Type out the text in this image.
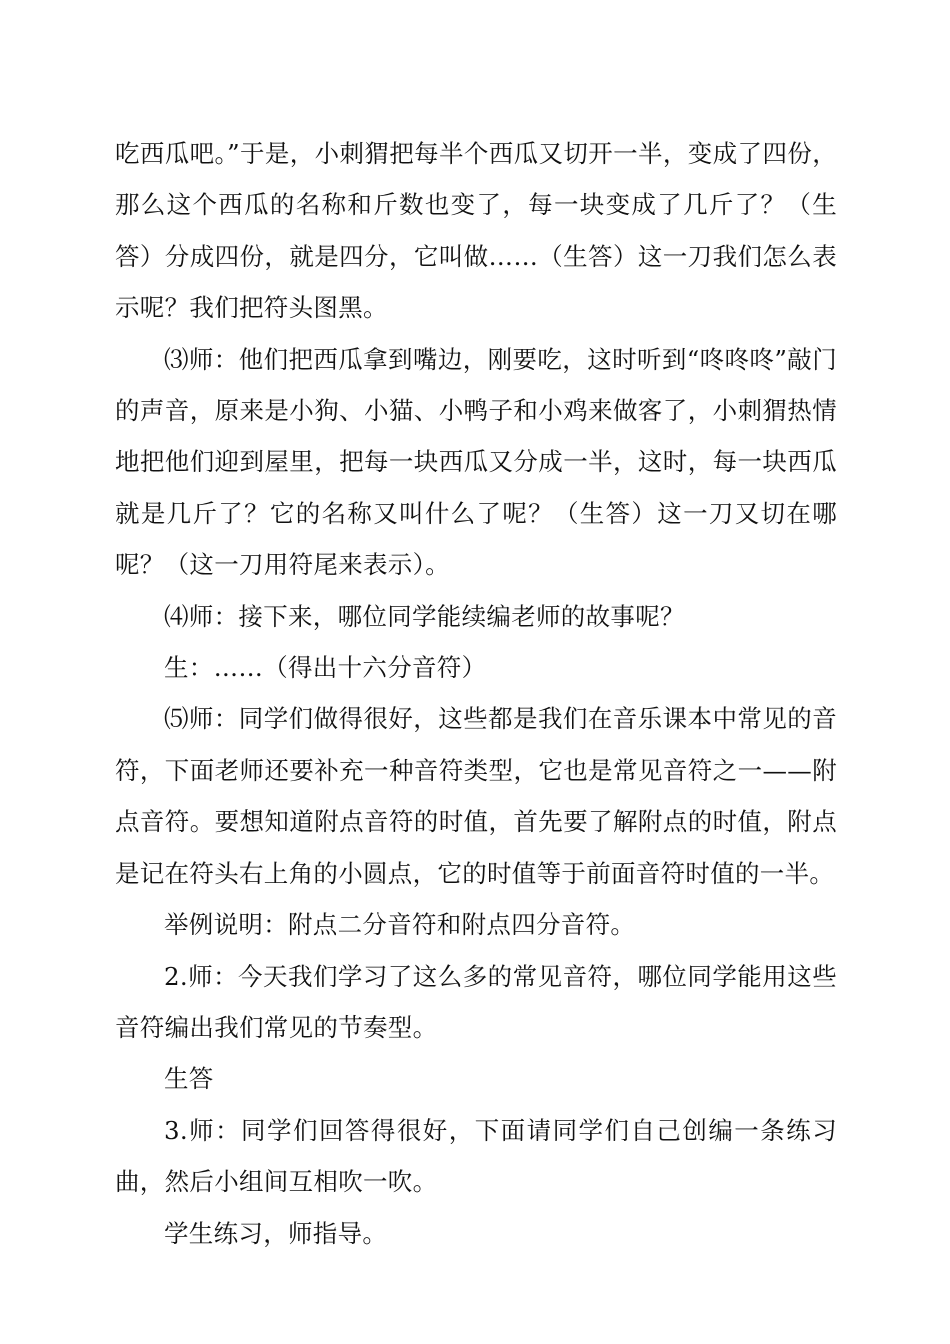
吃西瓜吧。”于是，小刺猬把每半个西瓜又切开一半，变成了四份，那么这个西瓜的名称和斤数也变了，每一块变成了几斤了？（生答）分成四份，就是四分，它叫做……（生答）这一刀我们怎么表示呢？我们把符头图黑。

⑶师：他们把西瓜拿到嘴边，刚要吃，这时听到“咚咚咚”敲门的声音，原来是小狗、小猫、小鸭子和小鸡来做客了，小刺猬热情地把他们迎到屋里，把每一块西瓜又分成一半，这时，每一块西瓜就是几斤了？它的名称又叫什么了呢？（生答）这一刀又切在哪呢？（这一刀用符尾来表示）。

⑷师：接下来，哪位同学能续编老师的故事呢？

生：……（得出十六分音符）

⑸师：同学们做得很好，这些都是我们在音乐课本中常见的音符，下面老师还要补充一种音符类型，它也是常见音符之一——附点音符。要想知道附点音符的时值，首先要了解附点的时值，附点是记在符头右上角的小圆点，它的时值等于前面音符时值的一半。

举例说明：附点二分音符和附点四分音符。

2.师：今天我们学习了这么多的常见音符，哪位同学能用这些音符编出我们常见的节奏型。

生答

3.师：同学们回答得很好，下面请同学们自己创编一条练习曲，然后小组间互相吹一吹。

学生练习，师指导。
